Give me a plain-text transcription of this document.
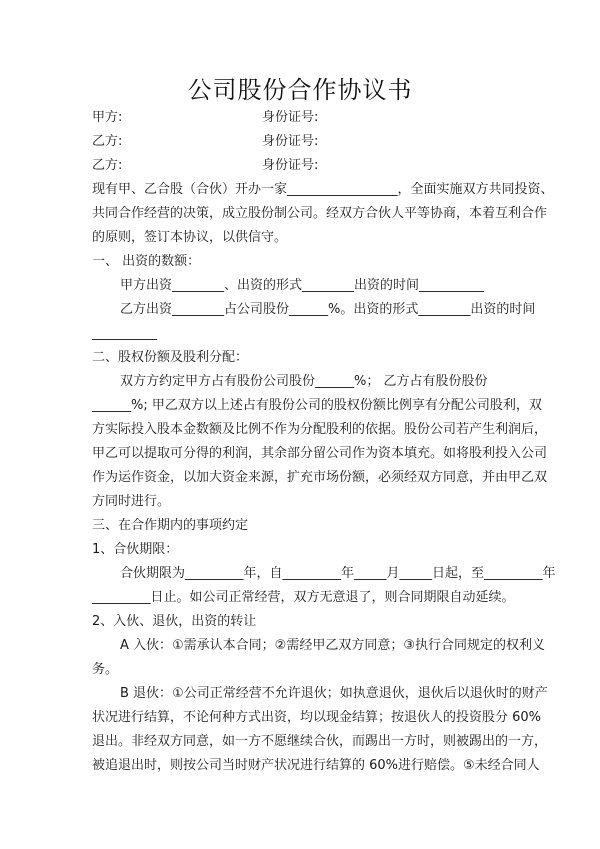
公司股份合作协议书
甲方:	身份证号:
乙方:	身份证号:
乙方:	身份证号:
现有甲、乙合股（合伙）开办一家_________________，全面实施双方共同投资、
共同合作经营的决策，成立股份制公司。经双方合伙人平等协商，本着互利合作
的原则，签订本协议，以供信守。
一、 出资的数额：
甲方出资________、出资的形式________出资的时间__________
乙方出资________占公司股份______%。出资的形式________出资的时间
__________
二、股权份额及股利分配：
双方方约定甲方占有股份公司股份______%； 乙方占有股份股份
______%; 甲乙双方以上述占有股份公司的股权份额比例享有分配公司股利，双
方实际投入股本金数额及比例不作为分配股利的依据。股份公司若产生利润后，
甲乙可以提取可分得的利润，其余部分留公司作为资本填充。如将股利投入公司
作为运作资金，以加大资金来源，扩充市场份额，必须经双方同意，并由甲乙双
方同时进行。
三、在合作期内的事项约定
1、合伙期限：
合伙期限为_________年，自_________年_____月_____日起，至_________年
_________日止。如公司正常经营，双方无意退了，则合同期限自动延续。
2、入伙、退伙，出资的转让
A 入伙：①需承认本合同；②需经甲乙双方同意；③执行合同规定的权利义
务。
B 退伙：①公司正常经营不允许退伙；如执意退伙，退伙后以退伙时的财产
状况进行结算，不论何种方式出资，均以现金结算；按退伙人的投资股分 60%
退出。非经双方同意，如一方不愿继续合伙，而踢出一方时，则被踢出的一方，
被追退出时，则按公司当时财产状况进行结算的 60%进行赔偿。⑤未经合同人
